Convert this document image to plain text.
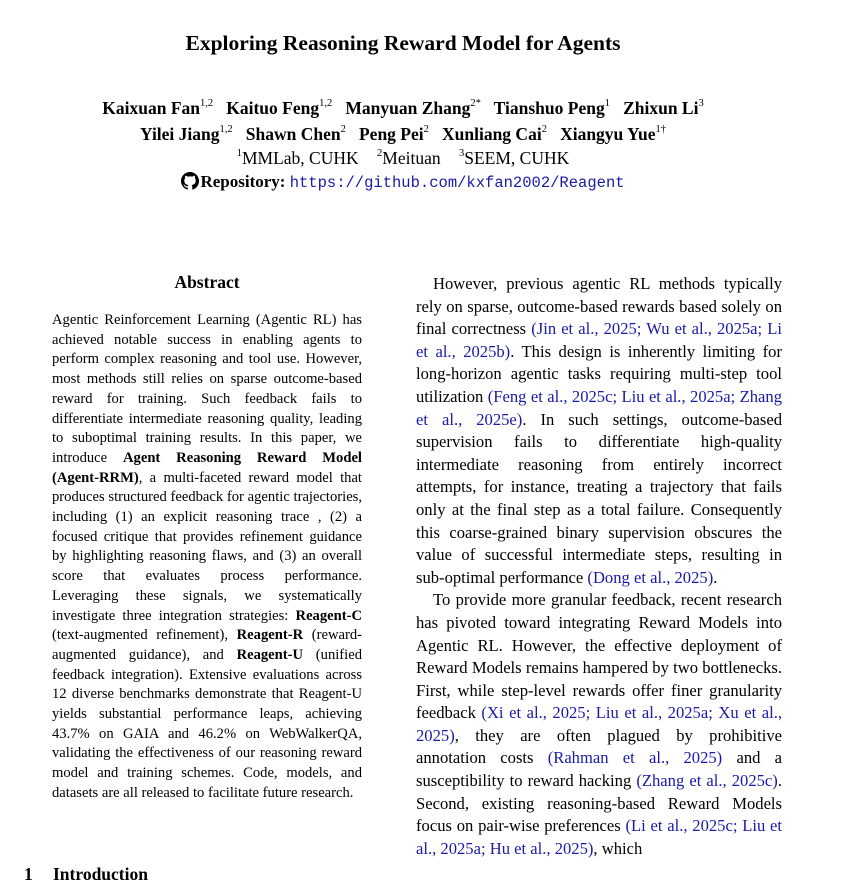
Exploring Reasoning Reward Model for Agents
Kaixuan Fan$^{1,2}$ Kaituo Feng$^{1,2}$ Manyuan Zhang$^{2*}$ Tianshuo Peng$^1$ Zhixun Li$^3$
Yilei Jiang$^{1,2}$ Shawn Chen$^2$ Peng Pei$^2$ Xunliang Cai$^2$ Xiangyu Yue$^{1\dagger}$
$^1$MMLab, CUHK $^2$Meituan $^3$SEEM, CUHK
Repository: https://github.com/kxfan2002/Reagent
Abstract
Agentic Reinforcement Learning (Agentic RL) has achieved notable success in enabling agents to perform complex reasoning and tool use. However, most methods still relies on sparse outcome-based reward for training. Such feedback fails to differentiate intermediate reasoning quality, leading to suboptimal training results. In this paper, we introduce Agent Reasoning Reward Model (Agent-RRM), a multi-faceted reward model that produces structured feedback for agentic trajectories, including (1) an explicit reasoning trace , (2) a focused critique that provides refinement guidance by highlighting reasoning flaws, and (3) an overall score that evaluates process performance. Leveraging these signals, we systematically investigate three integration strategies: Reagent-C (text-augmented refinement), Reagent-R (reward-augmented guidance), and Reagent-U (unified feedback integration). Extensive evaluations across 12 diverse benchmarks demonstrate that Reagent-U yields substantial performance leaps, achieving 43.7% on GAIA and 46.2% on WebWalkerQA, validating the effectiveness of our reasoning reward model and training schemes. Code, models, and datasets are all released to facilitate future research.
1 Introduction

However, previous agentic RL methods typically rely on sparse, outcome-based rewards based solely on final correctness (Jin et al., 2025; Wu et al., 2025a; Li et al., 2025b). This design is inherently limiting for long-horizon agentic tasks requiring multi-step tool utilization (Feng et al., 2025c; Liu et al., 2025a; Zhang et al., 2025e). In such settings, outcome-based supervision fails to differentiate high-quality intermediate reasoning from entirely incorrect attempts, for instance, treating a trajectory that fails only at the final step as a total failure. Consequently this coarse-grained binary supervision obscures the value of successful intermediate steps, resulting in sub-optimal performance (Dong et al., 2025).

To provide more granular feedback, recent research has pivoted toward integrating Reward Models into Agentic RL. However, the effective deployment of Reward Models remains hampered by two bottlenecks. First, while step-level rewards offer finer granularity feedback (Xi et al., 2025; Liu et al., 2025a; Xu et al., 2025), they are often plagued by prohibitive annotation costs (Rahman et al., 2025) and a susceptibility to reward hacking (Zhang et al., 2025c). Second, existing reasoning-based Reward Models focus on pair-wise preferences (Li et al., 2025c; Liu et al., 2025a; Hu et al., 2025), which
